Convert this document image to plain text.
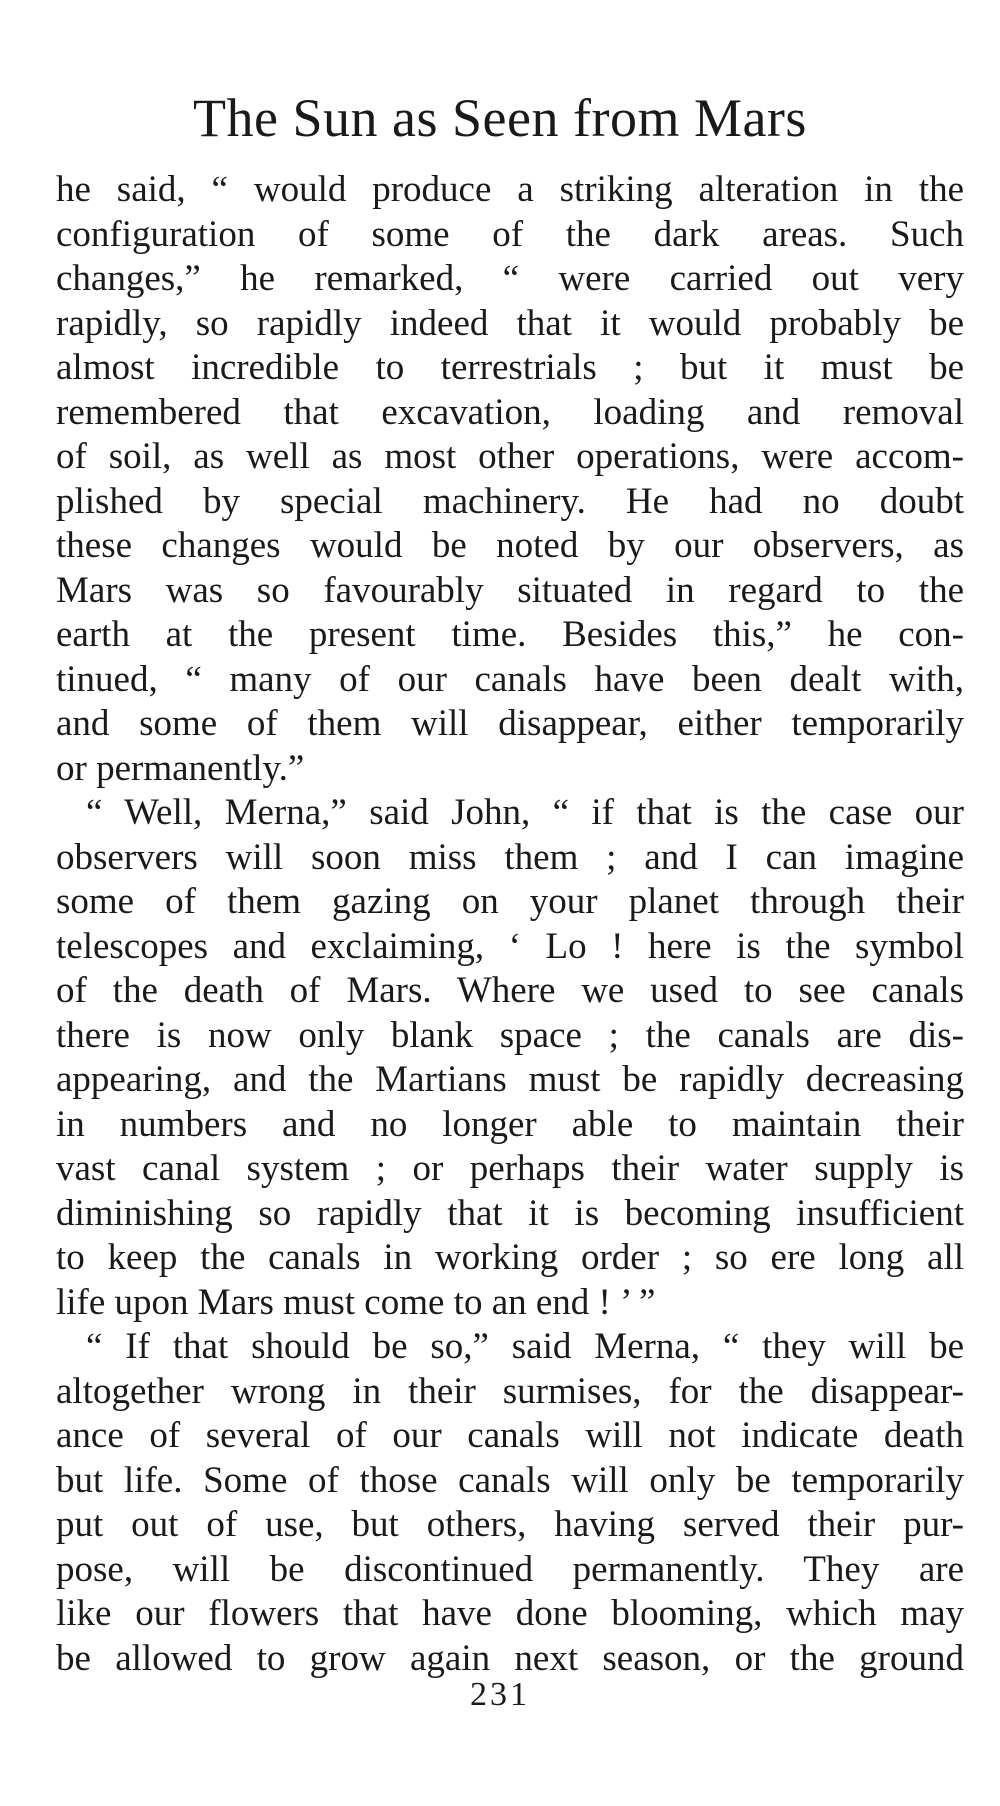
The Sun as Seen from Mars
he said, “ would produce a striking alteration in the
configuration of some of the dark areas. Such
changes,” he remarked, “ were carried out very
rapidly, so rapidly indeed that it would probably be
almost incredible to terrestrials ; but it must be
remembered that excavation, loading and removal
of soil, as well as most other operations, were accom-
plished by special machinery. He had no doubt
these changes would be noted by our observers, as
Mars was so favourably situated in regard to the
earth at the present time. Besides this,” he con-
tinued, “ many of our canals have been dealt with,
and some of them will disappear, either temporarily
or permanently.”
“ Well, Merna,” said John, “ if that is the case our
observers will soon miss them ; and I can imagine
some of them gazing on your planet through their
telescopes and exclaiming, ‘ Lo ! here is the symbol
of the death of Mars. Where we used to see canals
there is now only blank space ; the canals are dis-
appearing, and the Martians must be rapidly decreasing
in numbers and no longer able to maintain their
vast canal system ; or perhaps their water supply is
diminishing so rapidly that it is becoming insufficient
to keep the canals in working order ; so ere long all
life upon Mars must come to an end ! ’ ”
“ If that should be so,” said Merna, “ they will be
altogether wrong in their surmises, for the disappear-
ance of several of our canals will not indicate death
but life. Some of those canals will only be temporarily
put out of use, but others, having served their pur-
pose, will be discontinued permanently. They are
like our flowers that have done blooming, which may
be allowed to grow again next season, or the ground
231
